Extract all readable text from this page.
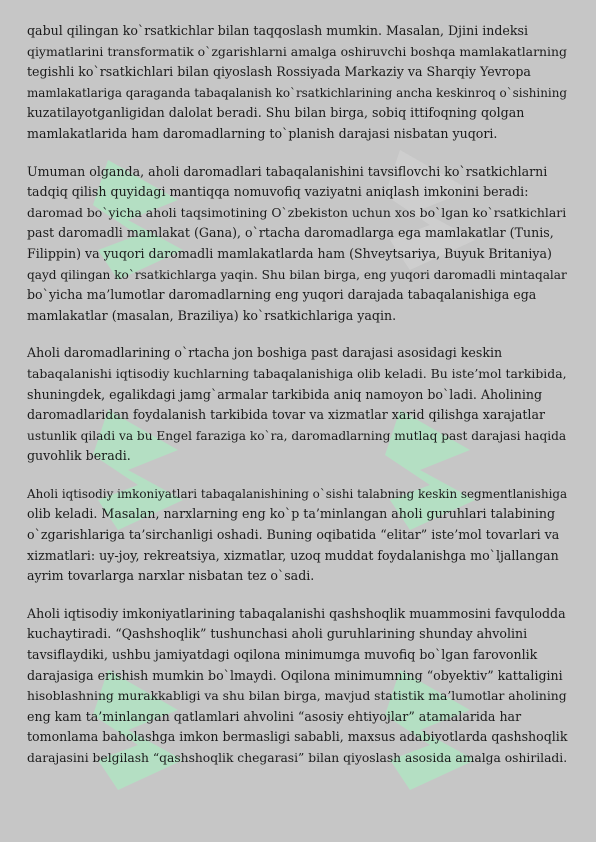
qabul qilingan ko`rsatkichlar bilan taqqoslash mumkin. Masalan, Djini indeksi
qiymatlarini transformatik o`zgarishlarni amalga oshiruvchi boshqa mamlakatlarning
tegishli ko`rsatkichlari bilan qiyoslash Rossiyada Markaziy va Sharqiy Yevropa
mamlakatlariga qaraganda tabaqalanish ko`rsatkichlarining ancha keskinroq o`sishining
kuzatilayotganligidan dalolat beradi. Shu bilan birga, sobiq ittifoqning qolgan
mamlakatlarida ham daromadlarning to`planish darajasi nisbatan yuqori.

Umuman olganda, aholi daromadlari tabaqalanishini tavsiflovchi ko`rsatkichlarni
tadqiq qilish quyidagi mantiqqa nomuvofiq vaziyatni aniqlash imkonini beradi:
daromad bo`yicha aholi taqsimotining O`zbekiston uchun xos bo`lgan ko`rsatkichlari
past daromadli mamlakat (Gana), o`rtacha daromadlarga ega mamlakatlar (Tunis,
Filippin) va yuqori daromadli mamlakatlarda ham (Shveytsariya, Buyuk Britaniya)
qayd qilingan ko`rsatkichlarga yaqin. Shu bilan birga, eng yuqori daromadli mintaqalar
bo`yicha ma’lumotlar daromadlarning eng yuqori darajada tabaqalanishiga ega
mamlakatlar (masalan, Braziliya) ko`rsatkichlariga yaqin.

Aholi daromadlarining o`rtacha jon boshiga past darajasi asosidagi keskin
tabaqalanishi iqtisodiy kuchlarning tabaqalanishiga olib keladi. Bu iste’mol tarkibida,
shuningdek, egalikdagi jamg`armalar tarkibida aniq namoyon bo`ladi. Aholining
daromadlaridan foydalanish tarkibida tovar va xizmatlar xarid qilishga xarajatlar
ustunlik qiladi va bu Engel faraziga ko`ra, daromadlarning mutlaq past darajasi haqida
guvohlik beradi.

Aholi iqtisodiy imkoniyatlari tabaqalanishining o`sishi talabning keskin segmentlanishiga
olib keladi. Masalan, narxlarning eng ko`p ta’minlangan aholi guruhlari talabining
o`zgarishlariga ta’sirchanligi oshadi. Buning oqibatida “elitar” iste’mol tovarlari va
xizmatlari: uy-joy, rekreatsiya, xizmatlar, uzoq muddat foydalanishga mo`ljallangan
ayrim tovarlarga narxlar nisbatan tez o`sadi.

Aholi iqtisodiy imkoniyatlarining tabaqalanishi qashshoqlik muammosini favqulodda
kuchaytiradi. “Qashshoqlik” tushunchasi aholi guruhlarining shunday ahvolini
tavsiflaydiki, ushbu jamiyatdagi oqilona minimumga muvofiq bo`lgan farovonlik
darajasiga erishish mumkin bo`lmaydi. Oqilona minimumning “obyektiv” kattaligini
hisoblashning murakkabligi va shu bilan birga, mavjud statistik ma’lumotlar aholining
eng kam ta’minlangan qatlamlari ahvolini “asosiy ehtiyojlar” atamalarida har
tomonlama baholashga imkon bermasligi sababli, maxsus adabiyotlarda qashshoqlik
darajasini belgilash “qashshoqlik chegarasi” bilan qiyoslash asosida amalga oshiriladi.
